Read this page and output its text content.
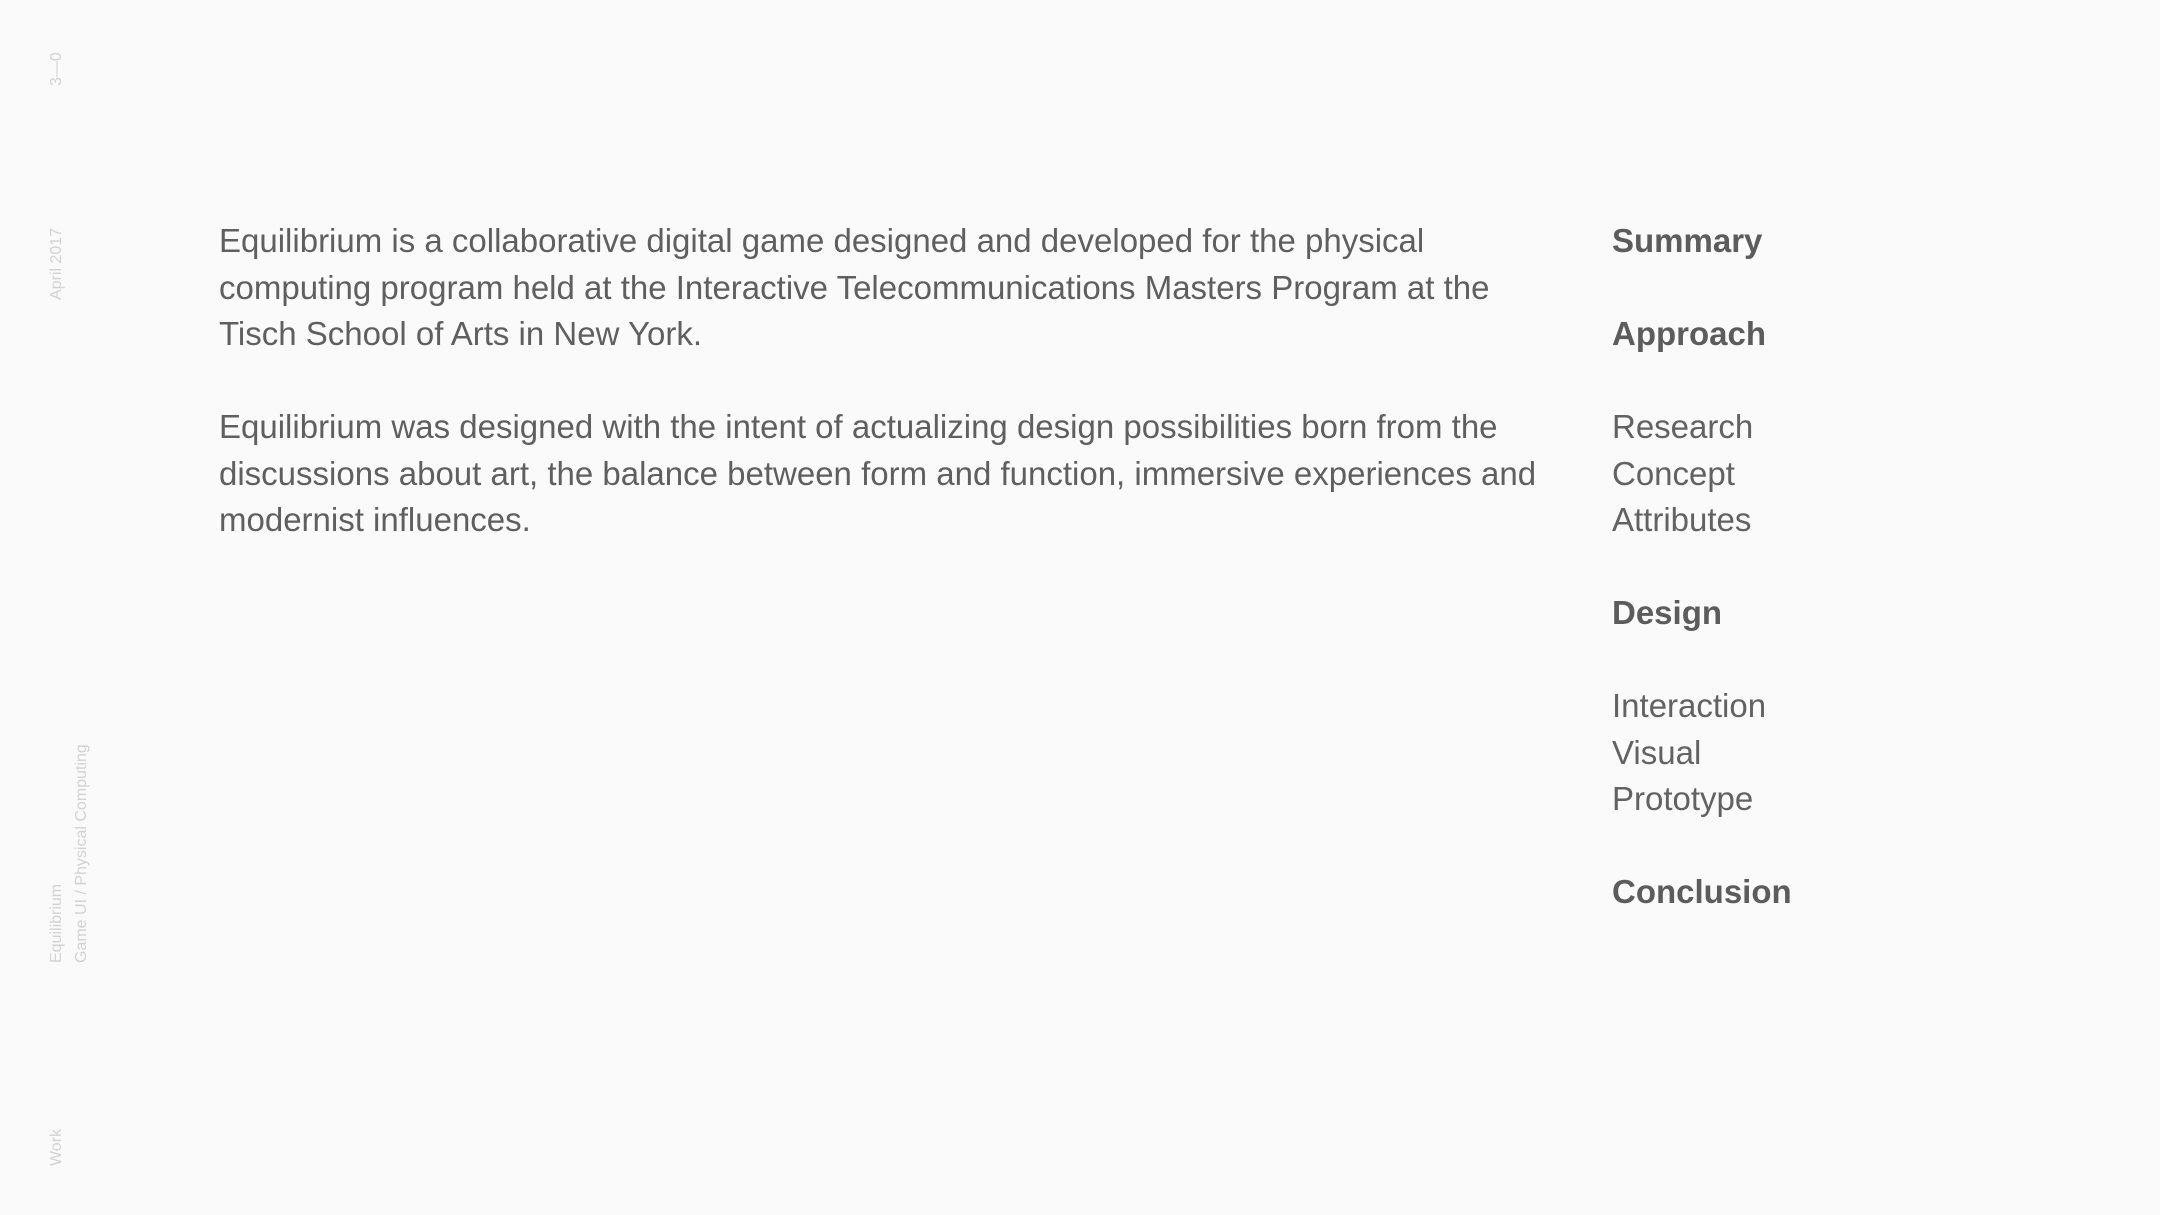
3—0
April 2017
Equilibrium Game UI / Physical Computing
Work

Equilibrium is a collaborative digital game designed and developed for the physical computing program held at the Interactive Telecommunications Masters Program at the Tisch School of Arts in New York.

Equilibrium was designed with the intent of actualizing design possibilities born from the discussions about art, the balance between form and function, immersive experiences and modernist influences.

Summary
Approach
Research
Concept
Attributes
Design
Interaction
Visual
Prototype
Conclusion
